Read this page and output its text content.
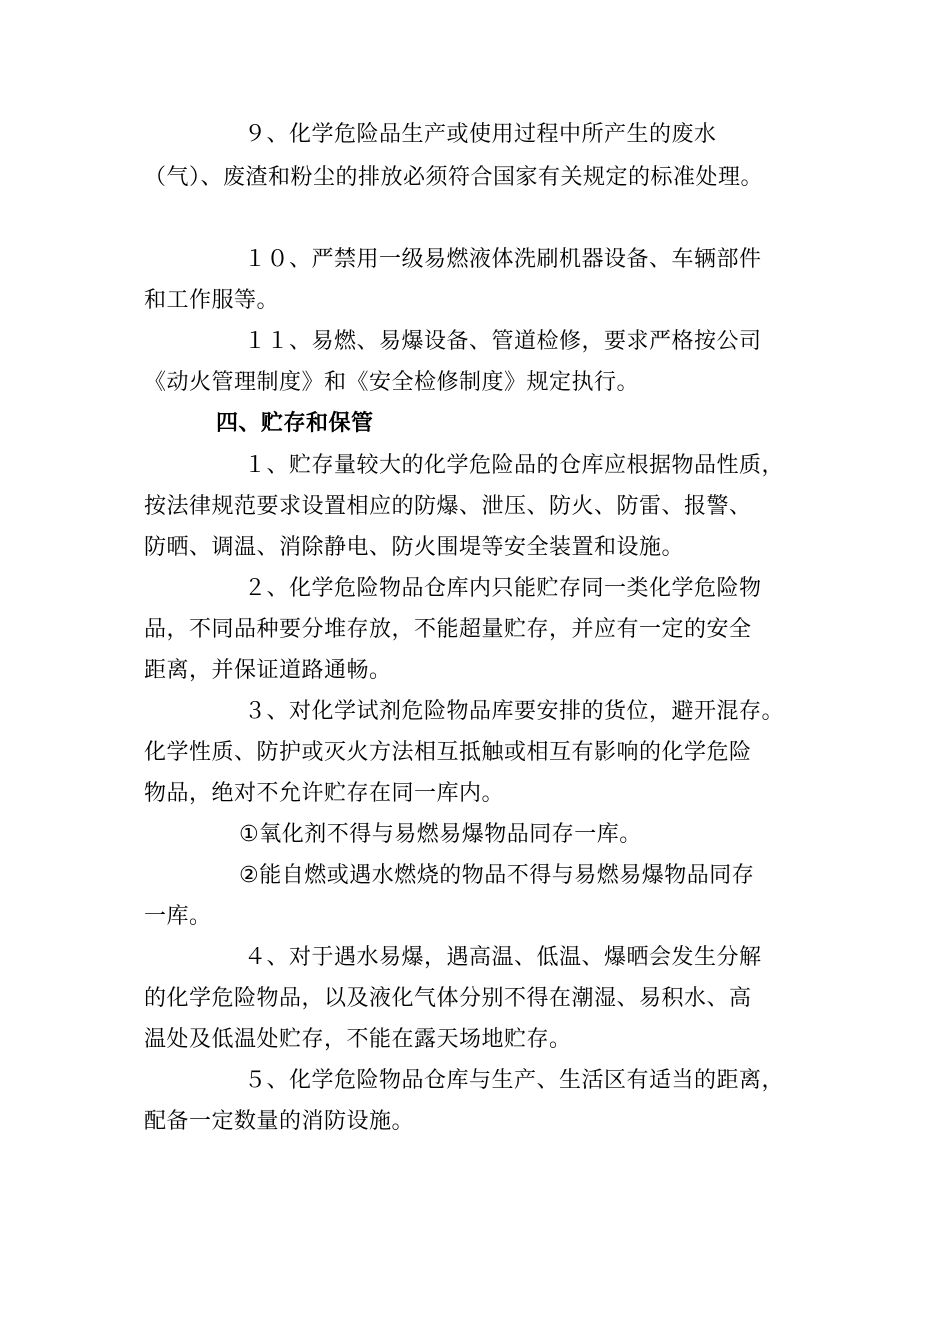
９、化学危险品生产或使用过程中所产生的废水
（气）、废渣和粉尘的排放必须符合国家有关规定的标准处理。
１０、严禁用一级易燃液体洗刷机器设备、车辆部件
和工作服等。
１１、易燃、易爆设备、管道检修，要求严格按公司
《动火管理制度》和《安全检修制度》规定执行。
四、贮存和保管
１、贮存量较大的化学危险品的仓库应根据物品性质，
按法律规范要求设置相应的防爆、泄压、防火、防雷、报警、
防晒、调温、消除静电、防火围堤等安全装置和设施。
２、化学危险物品仓库内只能贮存同一类化学危险物
品，不同品种要分堆存放，不能超量贮存，并应有一定的安全
距离，并保证道路通畅。
３、对化学试剂危险物品库要安排的货位，避开混存。
化学性质、防护或灭火方法相互抵触或相互有影响的化学危险
物品，绝对不允许贮存在同一库内。
①氧化剂不得与易燃易爆物品同存一库。
②能自燃或遇水燃烧的物品不得与易燃易爆物品同存
一库。
４、对于遇水易爆，遇高温、低温、爆晒会发生分解
的化学危险物品，以及液化气体分别不得在潮湿、易积水、高
温处及低温处贮存，不能在露天场地贮存。
５、化学危险物品仓库与生产、生活区有适当的距离，
配备一定数量的消防设施。
